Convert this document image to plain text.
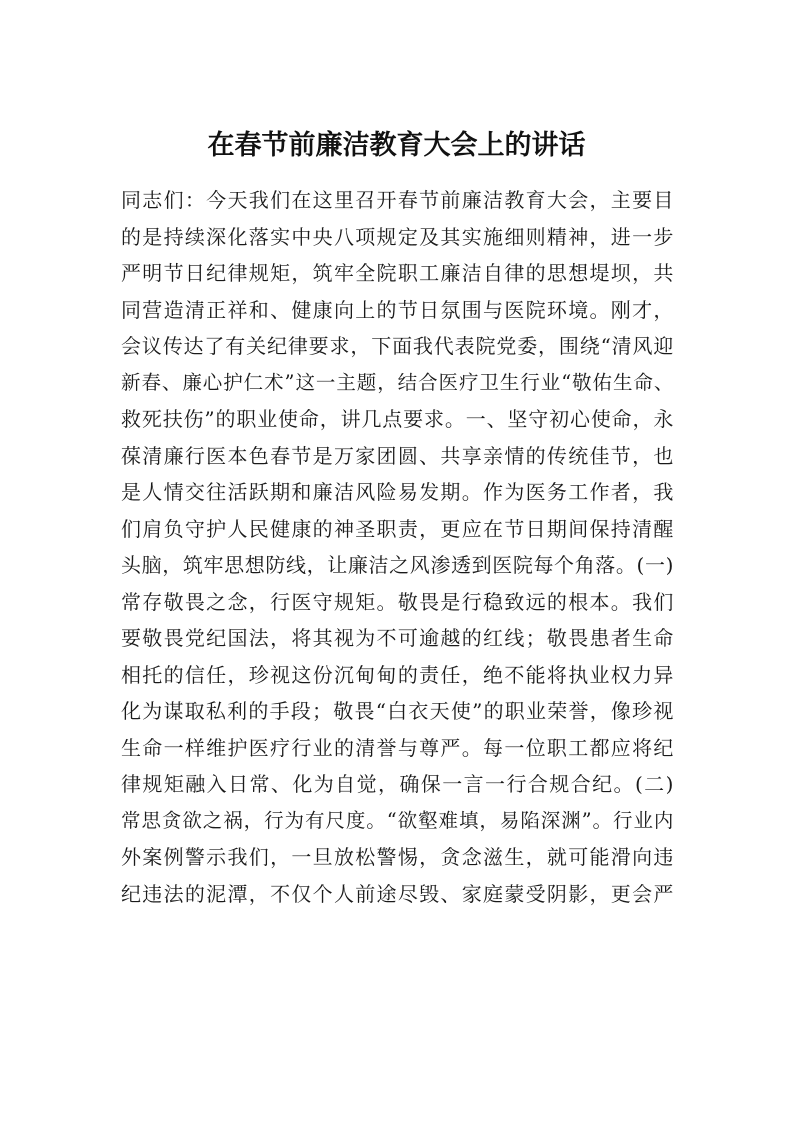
在春节前廉洁教育大会上的讲话
同志们：今天我们在这里召开春节前廉洁教育大会，主要目
的是持续深化落实中央八项规定及其实施细则精神，进一步
严明节日纪律规矩，筑牢全院职工廉洁自律的思想堤坝，共
同营造清正祥和、健康向上的节日氛围与医院环境。刚才，
会议传达了有关纪律要求，下面我代表院党委，围绕“清风迎
新春、廉心护仁术”这一主题，结合医疗卫生行业“敬佑生命、
救死扶伤”的职业使命，讲几点要求。一、坚守初心使命，永
葆清廉行医本色春节是万家团圆、共享亲情的传统佳节，也
是人情交往活跃期和廉洁风险易发期。作为医务工作者，我
们肩负守护人民健康的神圣职责，更应在节日期间保持清醒
头脑，筑牢思想防线，让廉洁之风渗透到医院每个角落。(一)
常存敬畏之念，行医守规矩。敬畏是行稳致远的根本。我们
要敬畏党纪国法，将其视为不可逾越的红线；敬畏患者生命
相托的信任，珍视这份沉甸甸的责任，绝不能将执业权力异
化为谋取私利的手段；敬畏“白衣天使”的职业荣誉，像珍视
生命一样维护医疗行业的清誉与尊严。每一位职工都应将纪
律规矩融入日常、化为自觉，确保一言一行合规合纪。(二)
常思贪欲之祸，行为有尺度。“欲壑难填，易陷深渊”。行业内
外案例警示我们，一旦放松警惕，贪念滋生，就可能滑向违
纪违法的泥潭，不仅个人前途尽毁、家庭蒙受阴影，更会严
